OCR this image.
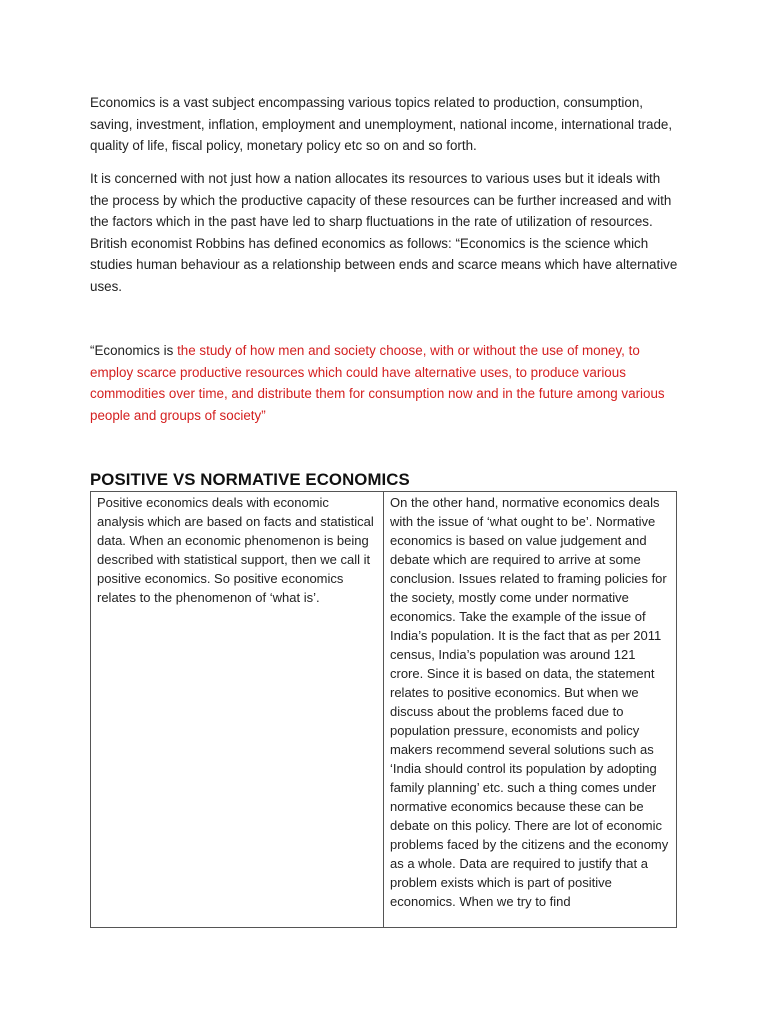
Economics is a vast subject encompassing various topics related to production, consumption, saving, investment, inflation, employment and unemployment, national income, international trade, quality of life, fiscal policy, monetary policy etc so on and so forth.

It is concerned with not just how a nation allocates its resources to various uses but it ideals with the process by which the productive capacity of these resources can be further increased and with the factors which in the past have led to sharp fluctuations in the rate of utilization of resources. British economist Robbins has defined economics as follows: “Economics is the science which studies human behaviour as a relationship between ends and scarce means which have alternative uses.

“Economics is the study of how men and society choose, with or without the use of money, to employ scarce productive resources which could have alternative uses, to produce various commodities over time, and distribute them for consumption now and in the future among various people and groups of society”

POSITIVE VS NORMATIVE ECONOMICS
Positive economics deals with economic analysis which are based on facts and statistical data. When an economic phenomenon is being described with statistical support, then we call it positive economics. So positive economics relates to the phenomenon of ‘what is’.
On the other hand, normative economics deals with the issue of ‘what ought to be’. Normative economics is based on value judgement and debate which are required to arrive at some conclusion. Issues related to framing policies for the society, mostly come under normative economics. Take the example of the issue of India’s population. It is the fact that as per 2011 census, India’s population was around 121 crore. Since it is based on data, the statement relates to positive economics. But when we discuss about the problems faced due to population pressure, economists and policy makers recommend several solutions such as ‘India should control its population by adopting family planning’ etc. such a thing comes under normative economics because these can be debate on this policy. There are lot of economic problems faced by the citizens and the economy as a whole. Data are required to justify that a problem exists which is part of positive economics. When we try to find
